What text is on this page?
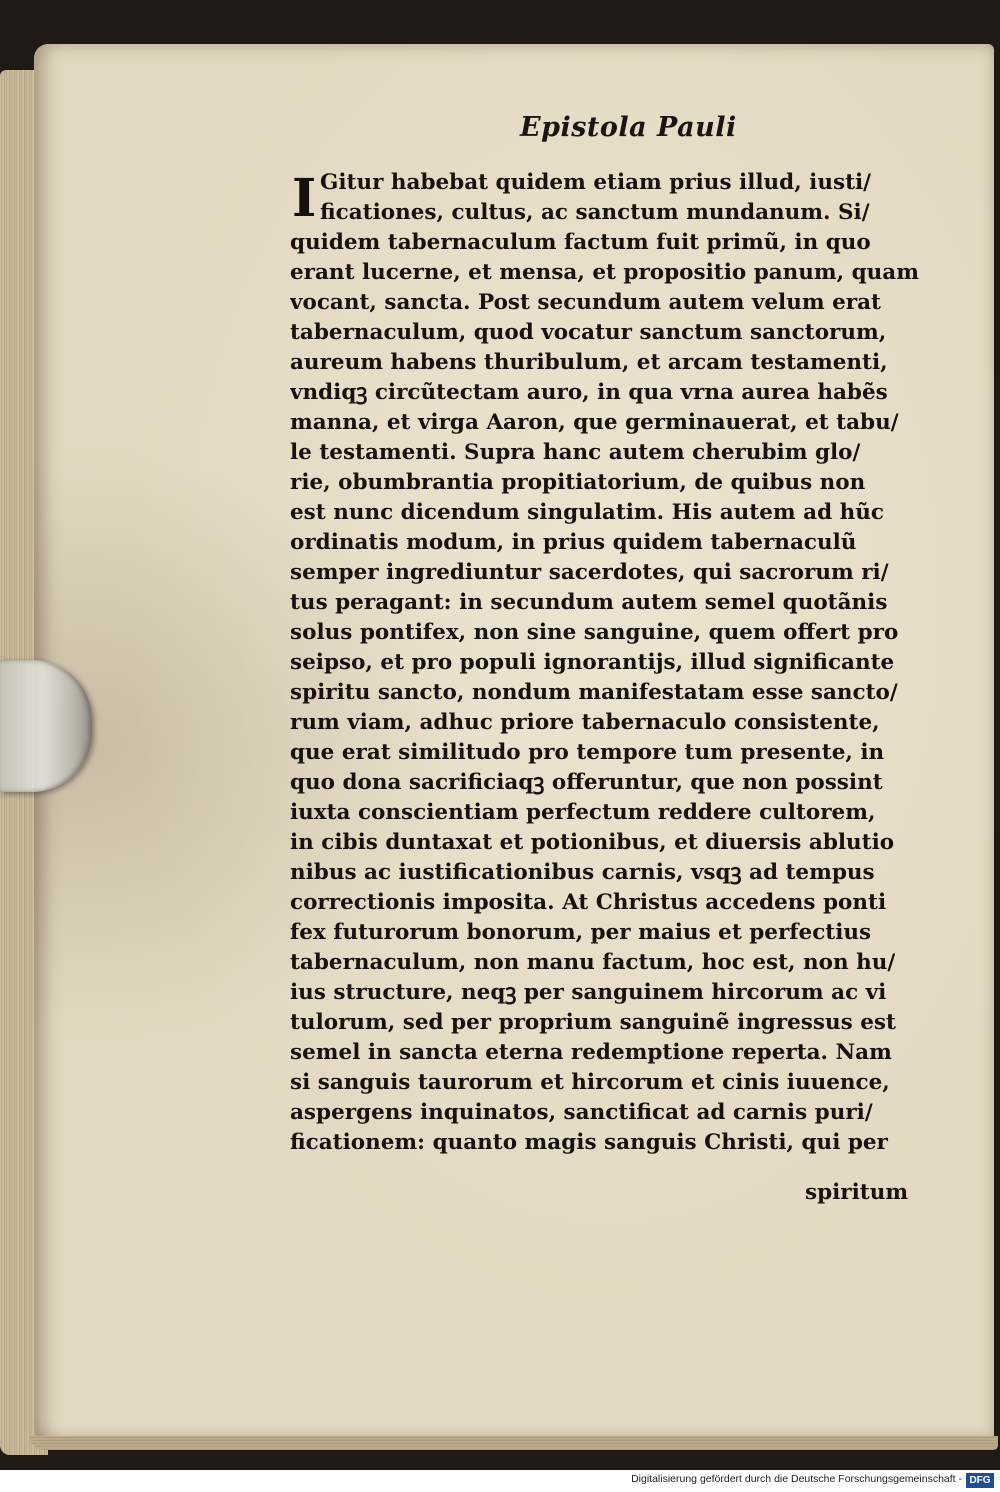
Epistola Pauli
I Gitur habebat quidem etiam prius illud, iusti/
ficationes, cultus, ac sanctum mundanum. Si/
quidem tabernaculum factum fuit primũ, in quo
erant lucerne, et mensa, et propositio panum, quam
vocant, sancta. Post secundum autem velum erat
tabernaculum, quod vocatur sanctum sanctorum,
aureum habens thuribulum, et arcam testamenti,
vndiqꝫ circũtectam auro, in qua vrna aurea habẽs
manna, et virga Aaron, que germinauerat, et tabu/
le testamenti. Supra hanc autem cherubim glo/
rie, obumbrantia propitiatorium, de quibus non
est nunc dicendum singulatim. His autem ad hũc
ordinatis modum, in prius quidem tabernaculũ
semper ingrediuntur sacerdotes, qui sacrorum ri/
tus peragant: in secundum autem semel quotãnis
solus pontifex, non sine sanguine, quem offert pro
seipso, et pro populi ignorantijs, illud significante
spiritu sancto, nondum manifestatam esse sancto/
rum viam, adhuc priore tabernaculo consistente,
que erat similitudo pro tempore tum presente, in
quo dona sacrificiaqꝫ offeruntur, que non possint
iuxta conscientiam perfectum reddere cultorem,
in cibis duntaxat et potionibus, et diuersis ablutio
nibus ac iustificationibus carnis, vsqꝫ ad tempus
correctionis imposita. At Christus accedens ponti
fex futurorum bonorum, per maius et perfectius
tabernaculum, non manu factum, hoc est, non hu/
ius structure, neqꝫ per sanguinem hircorum ac vi
tulorum, sed per proprium sanguinẽ ingressus est
semel in sancta eterna redemptione reperta. Nam
si sanguis taurorum et hircorum et cinis iuuence,
aspergens inquinatos, sanctificat ad carnis puri/
ficationem: quanto magis sanguis Christi, qui per
spiritum
Digitalisierung gefördert durch die Deutsche Forschungsgemeinschaft - DFG
